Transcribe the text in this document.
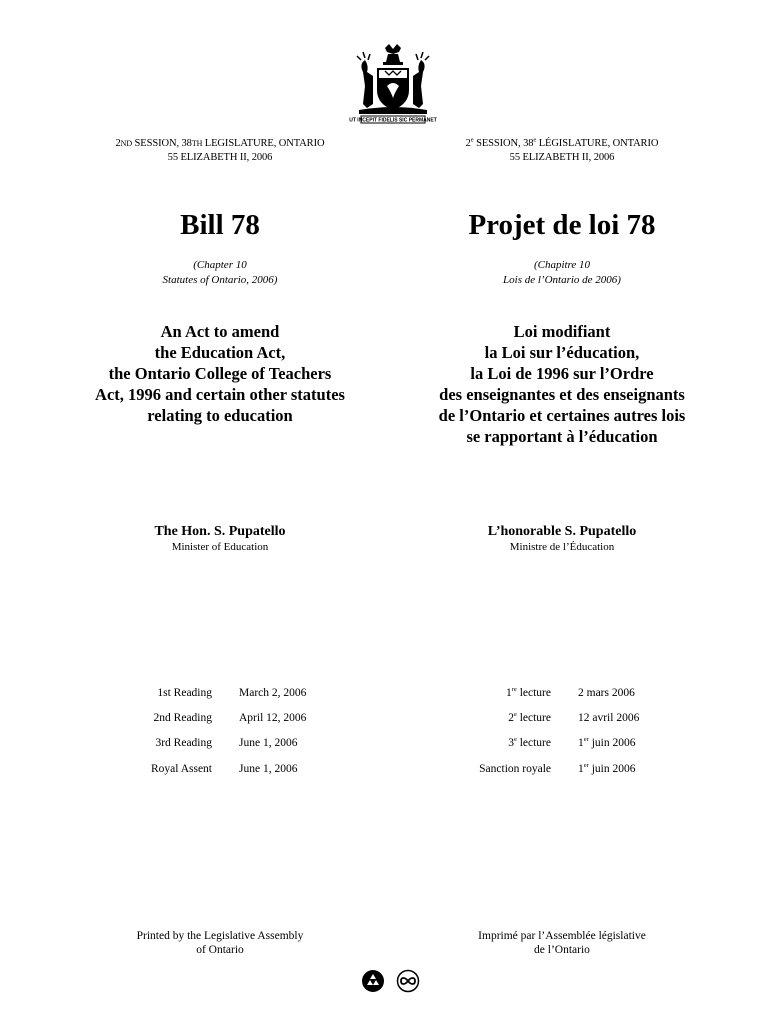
UT INCEPIT FIDELIS SIC PERMANET
2ND SESSION, 38TH LEGISLATURE, ONTARIO
55 ELIZABETH II, 2006
2e SESSION, 38e LÉGISLATURE, ONTARIO
55 ELIZABETH II, 2006
Bill 78	Projet de loi 78
(Chapter 10
Statutes of Ontario, 2006)
(Chapitre 10
Lois de l’Ontario de 2006)
An Act to amend
the Education Act,
the Ontario College of Teachers
Act, 1996 and certain other statutes
relating to education
Loi modifiant
la Loi sur l’éducation,
la Loi de 1996 sur l’Ordre
des enseignantes et des enseignants
de l’Ontario et certaines autres lois
se rapportant à l’éducation
The Hon. S. Pupatello
Minister of Education
L’honorable S. Pupatello
Ministre de l’Éducation
1st Reading March 2, 2006
2nd Reading April 12, 2006
3rd Reading June 1, 2006
Royal Assent June 1, 2006
1re lecture 2 mars 2006
2e lecture 12 avril 2006
3e lecture 1er juin 2006
Sanction royale 1er juin 2006
Printed by the Legislative Assembly
of Ontario
Imprimé par l’Assemblée législative
de l’Ontario
